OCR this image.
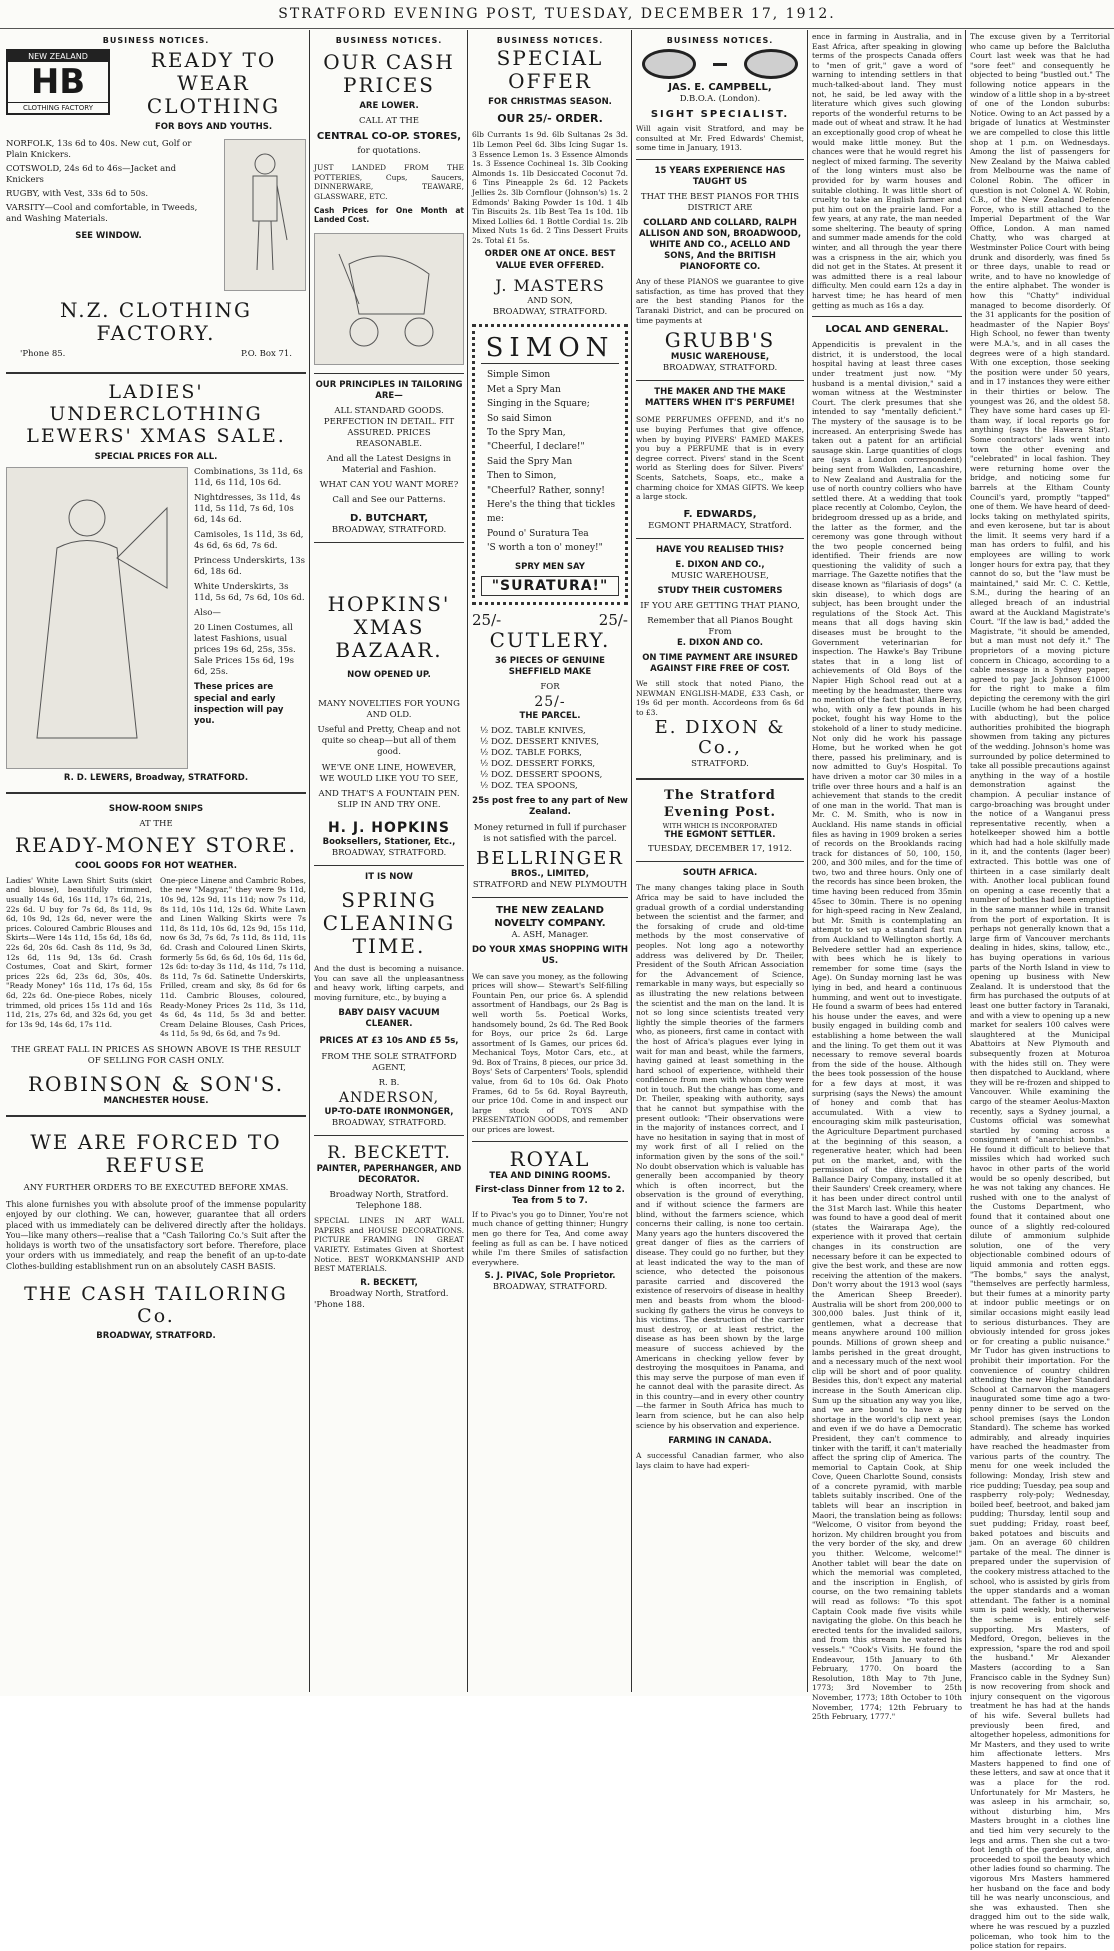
STRATFORD EVENING POST, TUESDAY, DECEMBER 17, 1912.
BUSINESS NOTICES.
NEW ZEALAND
HB
CLOTHING FACTORY
READY TO WEAR CLOTHING
FOR BOYS AND YOUTHS.
NORFOLK, 13s 6d to 40s. New cut, Golf or Plain Knickers.
COTSWOLD, 24s 6d to 46s—Jacket and Knickers
RUGBY, with Vest, 33s 6d to 50s.
VARSITY—Cool and comfortable, in Tweeds, and Washing Materials.
SEE WINDOW.
N.Z. CLOTHING FACTORY.
'Phone 85.	P.O. Box 71.
LADIES' UNDERCLOTHING LEWERS' XMAS SALE.
SPECIAL PRICES FOR ALL.
Combinations, 3s 11d, 6s 11d, 6s 11d, 10s 6d.
Nightdresses, 3s 11d, 4s 11d, 5s 11d, 7s 6d, 10s 6d, 14s 6d.
Camisoles, 1s 11d, 3s 6d, 4s 6d, 6s 6d, 7s 6d.
Princess Underskirts, 13s 6d, 18s 6d.
White Underskirts, 3s 11d, 5s 6d, 7s 6d, 10s 6d.
Also—
20 Linen Costumes, all latest Fashions, usual prices 19s 6d, 25s, 35s. Sale Prices 15s 6d, 19s 6d, 25s.
These prices are special and early inspection will pay you.
R. D. LEWERS, Broadway, STRATFORD.
SHOW-ROOM SNIPS
AT THE
READY-MONEY STORE.
COOL GOODS FOR HOT WEATHER.
Ladies' White Lawn Shirt Suits (skirt and blouse), beautifully trimmed, usually 14s 6d, 16s 11d, 17s 6d, 21s, 22s 6d. U buy for 7s 6d, 8s 11d, 9s 6d, 10s 9d, 12s 6d, never were the prices. Coloured Cambric Blouses and Skirts—Were 14s 11d, 15s 6d, 18s 6d, 22s 6d, 20s 6d. Cash 8s 11d, 9s 3d, 12s 6d, 11s 9d, 13s 6d. Crash Costumes, Coat and Skirt, former prices 22s 6d, 23s 6d, 30s, 40s. "Ready Money" 16s 11d, 17s 6d, 15s 6d, 22s 6d. One-piece Robes, nicely trimmed, old prices 15s 11d and 16s 11d, 21s, 27s 6d, and 32s 6d, you get for 13s 9d, 14s 6d, 17s 11d.
One-piece Linene and Cambric Robes, the new "Magyar," they were 9s 11d, 10s 9d, 12s 9d, 11s 11d; now 7s 11d, 8s 11d, 10s 11d, 12s 6d. White Lawn and Linen Walking Skirts were 7s 11d, 8s 11d, 10s 6d, 12s 9d, 15s 11d, now 6s 3d, 7s 6d, 7s 11d, 8s 11d, 11s 6d. Crash and Coloured Linen Skirts, formerly 5s 6d, 6s 6d, 10s 6d, 11s 6d, 12s 6d: to-day 3s 11d, 4s 11d, 7s 11d, 8s 11d, 7s 6d. Satinette Underskirts, Frilled, cream and sky, 8s 6d for 6s 11d. Cambric Blouses, coloured, Ready-Money Prices 2s 11d, 3s 11d, 4s 6d, 4s 11d, 5s 3d and better. Cream Delaine Blouses, Cash Prices, 4s 11d, 5s 9d, 6s 6d, and 7s 9d.
THE GREAT FALL IN PRICES AS SHOWN ABOVE IS THE RESULT OF SELLING FOR CASH ONLY.
ROBINSON & SON'S.
MANCHESTER HOUSE.
WE ARE FORCED TO REFUSE
ANY FURTHER ORDERS TO BE EXECUTED BEFORE XMAS.
This alone furnishes you with absolute proof of the immense popularity enjoyed by our clothing. We can, however, guarantee that all orders placed with us immediately can be delivered directly after the holidays. You—like many others—realise that a "Cash Tailoring Co.'s Suit after the holidays is worth two of the unsatisfactory sort before. Therefore, place your orders with us immediately, and reap the benefit of an up-to-date Clothes-building establishment run on an absolutely CASH BASIS.
THE CASH TAILORING Co.
BROADWAY, STRATFORD.
BUSINESS NOTICES.
OUR CASH PRICES
ARE LOWER.
CALL AT THE
CENTRAL CO-OP. STORES,
for quotations.
JUST LANDED FROM THE POTTERIES, Cups, Saucers, DINNERWARE, TEAWARE, GLASSWARE, ETC.
Cash Prices for One Month at Landed Cost.
OUR PRINCIPLES IN TAILORING ARE—
ALL STANDARD GOODS. PERFECTION IN DETAIL. FIT ASSURED. PRICES REASONABLE.
And all the Latest Designs in Material and Fashion.
WHAT CAN YOU WANT MORE?
Call and See our Patterns.
D. BUTCHART,
BROADWAY, STRATFORD.
HOPKINS' XMAS BAZAAR.
NOW OPENED UP.
MANY NOVELTIES FOR YOUNG AND OLD.
Useful and Pretty, Cheap and not quite so cheap—but all of them good.
WE'VE ONE LINE, HOWEVER, WE WOULD LIKE YOU TO SEE,
AND THAT'S A FOUNTAIN PEN. SLIP IN AND TRY ONE.
H. J. HOPKINS
Booksellers, Stationer, Etc.,
BROADWAY, STRATFORD.
IT IS NOW
SPRING CLEANING TIME.
And the dust is becoming a nuisance. You can save all the unpleasantness and heavy work, lifting carpets, and moving furniture, etc., by buying a
BABY DAISY VACUUM CLEANER.
PRICES AT £3 10s AND £5 5s,
FROM THE SOLE STRATFORD AGENT,
R. B.
ANDERSON,
UP-TO-DATE IRONMONGER,
BROADWAY, STRATFORD.
R. BECKETT.
PAINTER, PAPERHANGER, AND DECORATOR.
Broadway North, Stratford. Telephone 188.
SPECIAL LINES IN ART WALL PAPERS and HOUSE DECORATIONS. PICTURE FRAMING IN GREAT VARIETY. Estimates Given at Shortest Notice. BEST WORKMANSHIP AND BEST MATERIALS.
R. BECKETT,
Broadway North, Stratford.
'Phone 188.
BUSINESS NOTICES.
SPECIAL OFFER
FOR CHRISTMAS SEASON.
OUR 25/- ORDER.
6lb Currants 1s 9d. 6lb Sultanas 2s 3d. 1lb Lemon Peel 6d. 3lbs Icing Sugar 1s. 3 Essence Lemon 1s. 3 Essence Almonds 1s. 3 Essence Cochineal 1s. 3lb Cooking Almonds 1s. 1lb Desiccated Coconut 7d. 6 Tins Pineapple 2s 6d. 12 Packets Jellies 2s. 3lb Cornflour (Johnson's) 1s. 2 Edmonds' Baking Powder 1s 10d. 1 4lb Tin Biscuits 2s. 1lb Best Tea 1s 10d. 1lb Mixed Lollies 6d. 1 Bottle Cordial 1s. 2lb Mixed Nuts 1s 6d. 2 Tins Dessert Fruits 2s. Total £1 5s.
ORDER ONE AT ONCE. BEST VALUE EVER OFFERED.
J. MASTERS
AND SON,
BROADWAY, STRATFORD.
SIMON
Simple Simon
Met a Spry Man
Singing in the Square;
So said Simon
To the Spry Man,
"Cheerful, I declare!"
Said the Spry Man
Then to Simon,
"Cheerful? Rather, sonny!
Here's the thing that tickles me:
Pound o' Suratura Tea
'S worth a ton o' money!"
SPRY MEN SAY
"SURATURA!"
25/-	25/-
CUTLERY.
36 PIECES OF GENUINE SHEFFIELD MAKE
FOR
25/-
THE PARCEL.
½ DOZ. TABLE KNIVES,
½ DOZ. DESSERT KNIVES,
½ DOZ. TABLE FORKS,
½ DOZ. DESSERT FORKS,
½ DOZ. DESSERT SPOONS,
½ DOZ. TEA SPOONS,
25s post free to any part of New Zealand.
Money returned in full if purchaser is not satisfied with the parcel.
BELLRINGER
BROS., LIMITED,
STRATFORD and NEW PLYMOUTH
THE NEW ZEALAND NOVELTY COMPANY.
A. ASH, Manager.
DO YOUR XMAS SHOPPING WITH US.
We can save you money, as the following prices will show— Stewart's Self-filling Fountain Pen, our price 6s. A splendid assortment of Handbags, our 2s Bag is well worth 5s. Poetical Works, handsomely bound, 2s 6d. The Red Book for Boys, our price 2s 6d. Large assortment of Is Games, our prices 6d. Mechanical Toys, Motor Cars, etc., at 9d. Box of Trains, 8 pieces, our price 3d. Boys' Sets of Carpenters' Tools, splendid value, from 6d to 10s 6d. Oak Photo Frames, 6d to 5s 6d. Royal Bayreuth, our price 10d. Come in and inspect our large stock of TOYS AND PRESENTATION GOODS, and remember our prices are lowest.
ROYAL
TEA AND DINING ROOMS.
First-class Dinner from 12 to 2. Tea from 5 to 7.
If to Pivac's you go to Dinner, You're not much chance of getting thinner; Hungry men go there for Tea, And come away feeling as full as can be. I have noticed while I'm there Smiles of satisfaction everywhere.
S. J. PIVAC, Sole Proprietor.
BROADWAY, STRATFORD.
BUSINESS NOTICES.
JAS. E. CAMPBELL,
D.B.O.A. (London).
SIGHT SPECIALIST.
Will again visit Stratford, and may be consulted at Mr. Fred Edwards' Chemist, some time in January, 1913.
15 YEARS EXPERIENCE HAS TAUGHT US
THAT THE BEST PIANOS FOR THIS DISTRICT ARE
COLLARD AND COLLARD, RALPH ALLISON AND SON, BROADWOOD, WHITE AND CO., ACELLO AND SONS, And the BRITISH PIANOFORTE CO.
Any of these PIANOS we guarantee to give satisfaction, as time has proved that they are the best standing Pianos for the Taranaki District, and can be procured on time payments at
GRUBB'S
MUSIC WAREHOUSE,
BROADWAY, STRATFORD.
THE MAKER AND THE MAKE MATTERS WHEN IT'S PERFUME!
SOME PERFUMES OFFEND, and it's no use buying Perfumes that give offence, when by buying PIVERS' FAMED MAKES you buy a PERFUME that is in every degree correct. Pivers' stand in the Scent world as Sterling does for Silver. Pivers' Scents, Satchets, Soaps, etc., make a charming choice for XMAS GIFTS. We keep a large stock.
F. EDWARDS,
EGMONT PHARMACY, Stratford.
HAVE YOU REALISED THIS?
E. DIXON AND CO.,
MUSIC WAREHOUSE,
STUDY THEIR CUSTOMERS
IF YOU ARE GETTING THAT PIANO,
Remember that all Pianos Bought From
E. DIXON AND CO.
ON TIME PAYMENT ARE INSURED AGAINST FIRE FREE OF COST.
We still stock that noted Piano, the NEWMAN ENGLISH-MADE, £33 Cash, or 19s 6d per month. Accordeons from 6s 6d to £3.
E. DIXON & Co.,
STRATFORD.
The Stratford Evening Post.
WITH WHICH IS INCORPORATED
THE EGMONT SETTLER.
TUESDAY, DECEMBER 17, 1912.
SOUTH AFRICA.
The many changes taking place in South Africa may be said to have included the gradual growth of a cordial understanding between the scientist and the farmer, and the forsaking of crude and old-time methods by the most conservative of peoples. Not long ago a noteworthy address was delivered by Dr. Theiler, President of the South African Association for the Advancement of Science, remarkable in many ways, but especially so as illustrating the new relations between the scientist and the man on the land. It is not so long since scientists treated very lightly the simple theories of the farmers who, as pioneers, first came in contact with the host of Africa's plagues ever lying in wait for man and beast, while the farmers, having gained at least something in the hard school of experience, withheld their confidence from men with whom they were not in touch. But the change has come, and Dr. Theiler, speaking with authority, says that he cannot but sympathise with the present outlook: "Their observations were in the majority of instances correct, and I have no hesitation in saying that in most of my work first of all I relied on the information given by the sons of the soil." No doubt observation which is valuable has generally been accompanied by theory which is often incorrect, but the observation is the ground of everything, and if without science the farmers are blind, without the farmers science, which concerns their calling, is none too certain. Many years ago the hunters discovered the great danger of flies as the carriers of disease. They could go no further, but they at least indicated the way to the man of science, who detected the poisonous parasite carried and discovered the existence of reservoirs of disease in healthy men and beasts from whom the blood-sucking fly gathers the virus he conveys to his victims. The destruction of the carrier must destroy, or at least restrict, the disease as has been shown by the large measure of success achieved by the Americans in checking yellow fever by destroying the mosquitoes in Panama, and this may serve the purpose of man even if he cannot deal with the parasite direct. As in this country—and in every other country—the farmer in South Africa has much to learn from science, but he can also help science by his observation and experience.
FARMING IN CANADA.
A successful Canadian farmer, who also lays claim to have had experi-
ence in farming in Australia, and in East Africa, after speaking in glowing terms of the prospects Canada offers to "men of grit," gave a word of warning to intending settlers in that much-talked-about land. They must not, he said, be led away with the literature which gives such glowing reports of the wonderful returns to be made out of wheat and straw. It he had an exceptionally good crop of wheat he would make little money. But the chances were that he would regret his neglect of mixed farming. The severity of the long winters must also be provided for by warm houses and suitable clothing. It was little short of cruelty to take an English farmer and put him out on the prairie land. For a few years, at any rate, the man needed some sheltering. The beauty of spring and summer made amends for the cold winter, and all through the year there was a crispness in the air, which you did not get in the States. At present it was admitted there is a real labour difficulty. Men could earn 12s a day in harvest time; he has heard of men getting as much as 16s a day.
LOCAL AND GENERAL.
Appendicitis is prevalent in the district, it is understood, the local hospital having at least three cases under treatment just now. "My husband is a mental division," said a woman witness at the Westminster Court. The clerk presumes that she intended to say "mentally deficient." The mystery of the sausage is to be increased. An enterprising Swede has taken out a patent for an artificial sausage skin. Large quantities of clogs are (says a London correspondent) being sent from Walkden, Lancashire, to New Zealand and Australia for the use of north country colliers who have settled there. At a wedding that took place recently at Colombo, Ceylon, the bridegroom dressed up as a bride, and the latter as the former, and the ceremony was gone through without the two people concerned being identified. Their friends are now questioning the validity of such a marriage. The Gazette notifies that the disease known as "filariasis of dogs" (a skin disease), to which dogs are subject, has been brought under the regulations of the Stock Act. This means that all dogs having skin diseases must be brought to the Government veterinarian for inspection. The Hawke's Bay Tribune states that in a long list of achievements of Old Boys of the Napier High School read out at a meeting by the headmaster, there was no mention of the fact that Allan Berry, who, with only a few pounds in his pocket, fought his way Home to the stokehold of a liner to study medicine. Not only did he work his passage Home, but he worked when he got there, passed his preliminary, and is now admitted to Guy's Hospital. To have driven a motor car 30 miles in a trifle over three hours and a half is an achievement that stands to the credit of one man in the world. That man is Mr. C. M. Smith, who is now in Auckland. His name stands in official files as having in 1909 broken a series of records on the Brooklands racing track for distances of 50, 100, 150, 200, and 300 miles, and for the time of two, two and three hours. Only one of the records has since been broken, the time having been reduced from 35min 45sec to 30min. There is no opening for high-speed racing in New Zealand, but Mr. Smith is contemplating an attempt to set up a standard fast run from Auckland to Wellington shortly. A Belvedere settler had an experience with bees which he is likely to remember for some time (says the Age). On Sunday morning last he was lying in bed, and heard a continuous humming, and went out to investigate. He found a swarm of bees had entered his house under the eaves, and were busily engaged in building comb and establishing a home between the wall and the lining. To get them out it was necessary to remove several boards from the side of the house. Although the bees took possession of the house for a few days at most, it was surprising (says the News) the amount of honey and comb that has accumulated. With a view to encouraging skim milk pasteurisation, the Agriculture Department purchased at the beginning of this season, a regenerative heater, which had been put on the market, and, with the permission of the directors of the Ballance Dairy Company, installed it at their Saunders' Creek creamery, where it has been under direct control until the 31st March last. While this heater was found to have a good deal of merit (states the Wairarapa Age), the experience with it proved that certain changes in its construction are necessary before it can be expected to give the best work, and these are now receiving the attention of the makers. Don't worry about the 1913 wool (says the American Sheep Breeder). Australia will be short from 200,000 to 300,000 bales. Just think of it, gentlemen, what a decrease that means anywhere around 100 million pounds. Millions of grown sheep and lambs perished in the great drought, and a necessary much of the next wool clip will be short and of poor quality. Besides this, don't expect any material increase in the South American clip. Sum up the situation any way you like, and we are bound to have a big shortage in the world's clip next year, and even if we do have a Democratic President, they can't commence to tinker with the tariff, it can't materially affect the spring clip of America. The memorial to Captain Cook, at Ship Cove, Queen Charlotte Sound, consists of a concrete pyramid, with marble tablets suitably inscribed. One of the tablets will bear an inscription in Maori, the translation being as follows: "Welcome, O visitor from beyond the horizon. My children brought you from the very border of the sky, and drew you thither. Welcome, welcome!" Another tablet will bear the date on which the memorial was completed, and the inscription in English, of course, on the two remaining tablets will read as follows: "To this spot Captain Cook made five visits while navigating the globe. On this beach he erected tents for the invalided sailors, and from this stream he watered his vessels." "Cook's Visits. He found the Endeavour, 15th January to 6th February, 1770. On board the Resolution, 18th May to 7th June, 1773; 3rd November to 25th November, 1773; 18th October to 10th November, 1774; 12th February to 25th February, 1777."
The excuse given by a Territorial who came up before the Balclutha Court last week was that he had "sore feet" and consequently he objected to being "bustled out." The following notice appears in the window of a little shop in a by-street of one of the London suburbs: Notice. Owing to an Act passed by a brigade of lunatics at Westminster we are compelled to close this little shop at 1 p.m. on Wednesdays. Among the list of passengers for New Zealand by the Maiwa cabled from Melbourne was the name of Colonel Robin. The officer in question is not Colonel A. W. Robin, C.B., of the New Zealand Defence Force, who is still attached to the Imperial Department of the War Office, London. A man named Chatty, who was charged at Westminster Police Court with being drunk and disorderly, was fined 5s or three days, unable to read or write, and to have no knowledge of the entire alphabet. The wonder is how this "Chatty" individual managed to become disorderly. Of the 31 applicants for the position of headmaster of the Napier Boys' High School, no fewer than twenty were M.A.'s, and in all cases the degrees were of a high standard. With one exception, those seeking the position were under 50 years, and in 17 instances they were either in their thirties or below. The youngest was 26, and the oldest 58. They have some hard cases up El-tham way, if local reports go for anything (says the Hawera Star). Some contractors' lads went into town the other evening and "celebrated" in local fashion. They were returning home over the bridge, and noticing some fur barrels at the Eltham County Council's yard, promptly "tapped" one of them. We have heard of deed-locks taking on methylated spirits, and even kerosene, but tar is about the limit. It seems very hard if a man has orders to fulfil, and his employees are willing to work longer hours for extra pay, that they cannot do so, but the "law must be maintained," said Mr. C. C. Kettle, S.M., during the hearing of an alleged breach of an industrial award at the Auckland Magistrate's Court. "If the law is bad," added the Magistrate, "it should be amended, but a man must not defy it." The proprietors of a moving picture concern in Chicago, according to a cable message in a Sydney paper, agreed to pay Jack Johnson £1000 for the right to make a film depicting the ceremony with the girl Lucille (whom he had been charged with abducting), but the police authorities prohibited the biograph showmen from taking any pictures of the wedding. Johnson's home was surrounded by police determined to take all possible precautions against anything in the way of a hostile demonstration against the champion. A peculiar instance of cargo-broaching was brought under the notice of a Wanganui press representative recently, when a hotelkeeper showed him a bottle which had had a hole skilfully made in it, and the contents (lager beer) extracted. This bottle was one of thirteen in a case similarly dealt with. Another local publican found on opening a case recently that a number of bottles had been emptied in the same manner while in transit from the port of exportation. It is perhaps not generally known that a large firm of Vancouver merchants dealing in hides, skins, tallow, etc., has buying operations in various parts of the North Island in view to opening up business with New Zealand. It is understood that the firm has purchased the outputs of at least one butter factory in Taranaki, and with a view to opening up a new market for sealers 100 calves were slaughtered at the Municipal Abattoirs at New Plymouth and subsequently frozen at Moturoa with the hides still on. They were then dispatched to Auckland, where they will be re-frozen and shipped to Vancouver. While examining the cargo of the steamer Aeolus-Maxton recently, says a Sydney journal, a Customs official was somewhat startled by coming across a consignment of "anarchist bombs." He found it difficult to believe that missiles which had worked such havoc in other parts of the world would be so openly described, but he was not taking any chances. He rushed with one to the analyst of the Customs Department, who found that it contained about one ounce of a slightly red-coloured dilute of ammonium sulphide solution, one of the very objectionable combined odours of liquid ammonia and rotten eggs. "The bombs," says the analyst, "themselves are perfectly harmless, but their fumes at a minority party at indoor public meetings or on similar occasions might easily lead to serious disturbances. They are obviously intended for gross jokes or for creating a public nuisance." Mr Tudor has given instructions to prohibit their importation. For the convenience of country children attending the new Higher Standard School at Carnarvon the managers inaugurated some time ago a two-penny dinner to be served on the school premises (says the London Standard). The scheme has worked admirably, and already inquiries have reached the headmaster from various parts of the country. The menu for one week included the following: Monday, Irish stew and rice pudding; Tuesday, pea soup and raspberry roly-poly; Wednesday, boiled beef, beetroot, and baked jam pudding; Thursday, lentil soup and suet pudding; Friday, roast beef, baked potatoes and biscuits and jam. On an average 60 children partake of the meal. The dinner is prepared under the supervision of the cookery mistress attached to the school, who is assisted by girls from the upper standards and a woman attendant. The father is a nominal sum is paid weekly, but otherwise the scheme is entirely self-supporting. Mrs Masters, of Medford, Oregon, believes in the expression, "spare the rod and spoil the husband." Mr Alexander Masters (according to a San Francisco cable in the Sydney Sun) is now recovering from shock and injury consequent on the vigorous treatment he has had at the hands of his wife. Several bullets had previously been fired, and altogether hopeless, admonitions for Mr Masters, and they used to write him affectionate letters. Mrs Masters happened to find one of these letters, and saw at once that it was a place for the rod. Unfortunately for Mr Masters, he was asleep in his armchair, so, without disturbing him, Mrs Masters brought in a clothes line and tied him very securely to the legs and arms. Then she cut a two-foot length of the garden hose, and proceeded to spoil the beauty which other ladies found so charming. The vigorous Mrs Masters hammered her husband on the face and body till he was nearly unconscious, and she was exhausted. Then she dragged him out to the side walk, where he was rescued by a puzzled policeman, who took him to the police station for repairs.
